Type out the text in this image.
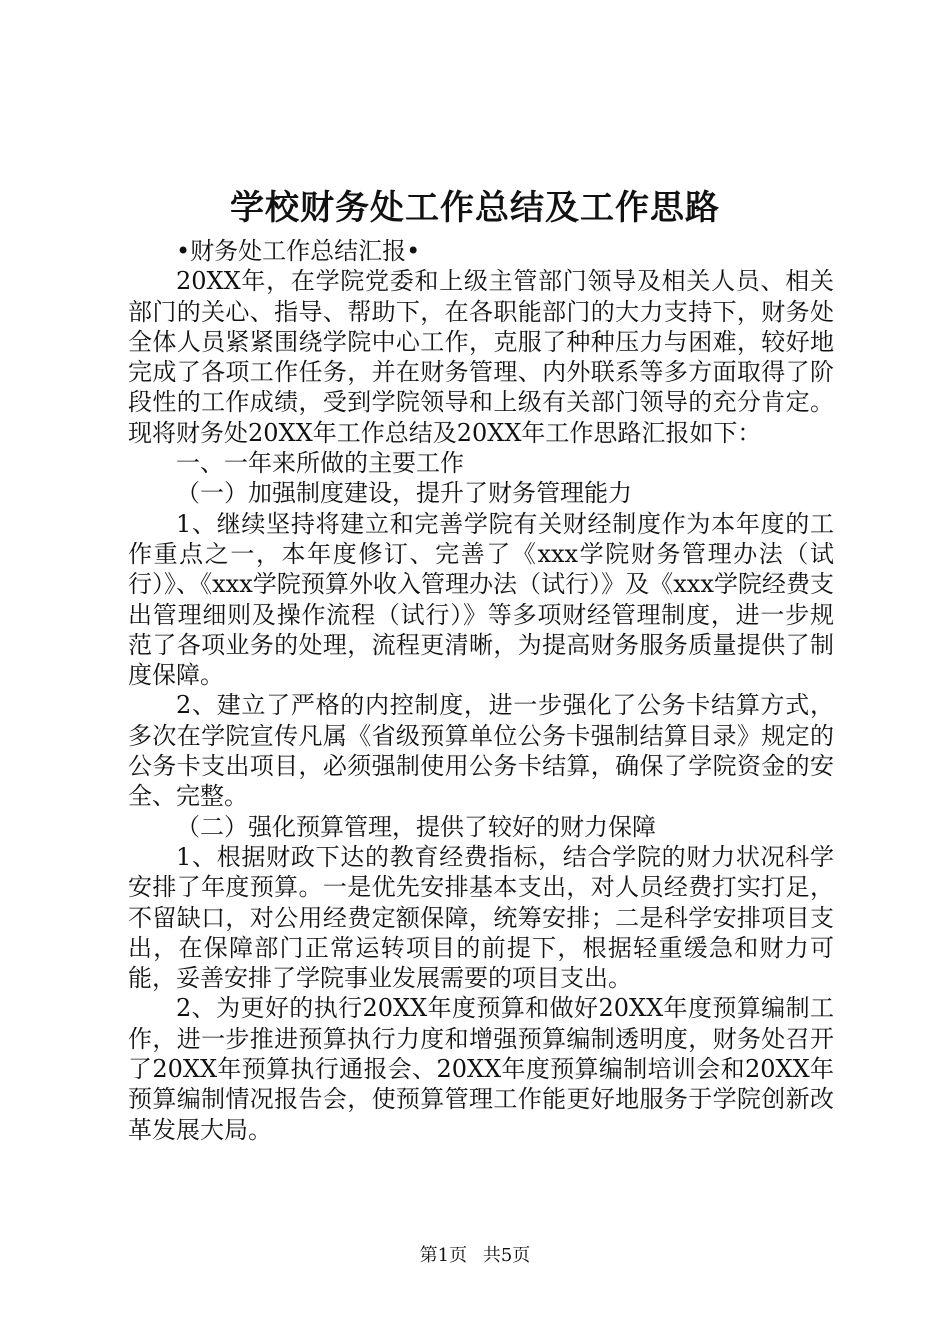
学校财务处工作总结及工作思路

•财务处工作总结汇报•

20XX年，在学院党委和上级主管部门领导及相关人员、相关部门的关心、指导、帮助下，在各职能部门的大力支持下，财务处全体人员紧紧围绕学院中心工作，克服了种种压力与困难，较好地完成了各项工作任务，并在财务管理、内外联系等多方面取得了阶段性的工作成绩，受到学院领导和上级有关部门领导的充分肯定。现将财务处20XX年工作总结及20XX年工作思路汇报如下：

一、一年来所做的主要工作

（一）加强制度建设，提升了财务管理能力

1、继续坚持将建立和完善学院有关财经制度作为本年度的工作重点之一，本年度修订、完善了《xxx学院财务管理办法（试行）》、《xxx学院预算外收入管理办法（试行）》及《xxx学院经费支出管理细则及操作流程（试行）》等多项财经管理制度，进一步规范了各项业务的处理，流程更清晰，为提高财务服务质量提供了制度保障。

2、建立了严格的内控制度，进一步强化了公务卡结算方式，多次在学院宣传凡属《省级预算单位公务卡强制结算目录》规定的公务卡支出项目，必须强制使用公务卡结算，确保了学院资金的安全、完整。

（二）强化预算管理，提供了较好的财力保障

1、根据财政下达的教育经费指标，结合学院的财力状况科学安排了年度预算。一是优先安排基本支出，对人员经费打实打足，不留缺口，对公用经费定额保障，统筹安排；二是科学安排项目支出，在保障部门正常运转项目的前提下，根据轻重缓急和财力可能，妥善安排了学院事业发展需要的项目支出。

2、为更好的执行20XX年度预算和做好20XX年度预算编制工作，进一步推进预算执行力度和增强预算编制透明度，财务处召开了20XX年预算执行通报会、20XX年度预算编制培训会和20XX年预算编制情况报告会，使预算管理工作能更好地服务于学院创新改革发展大局。

第1页 共5页
